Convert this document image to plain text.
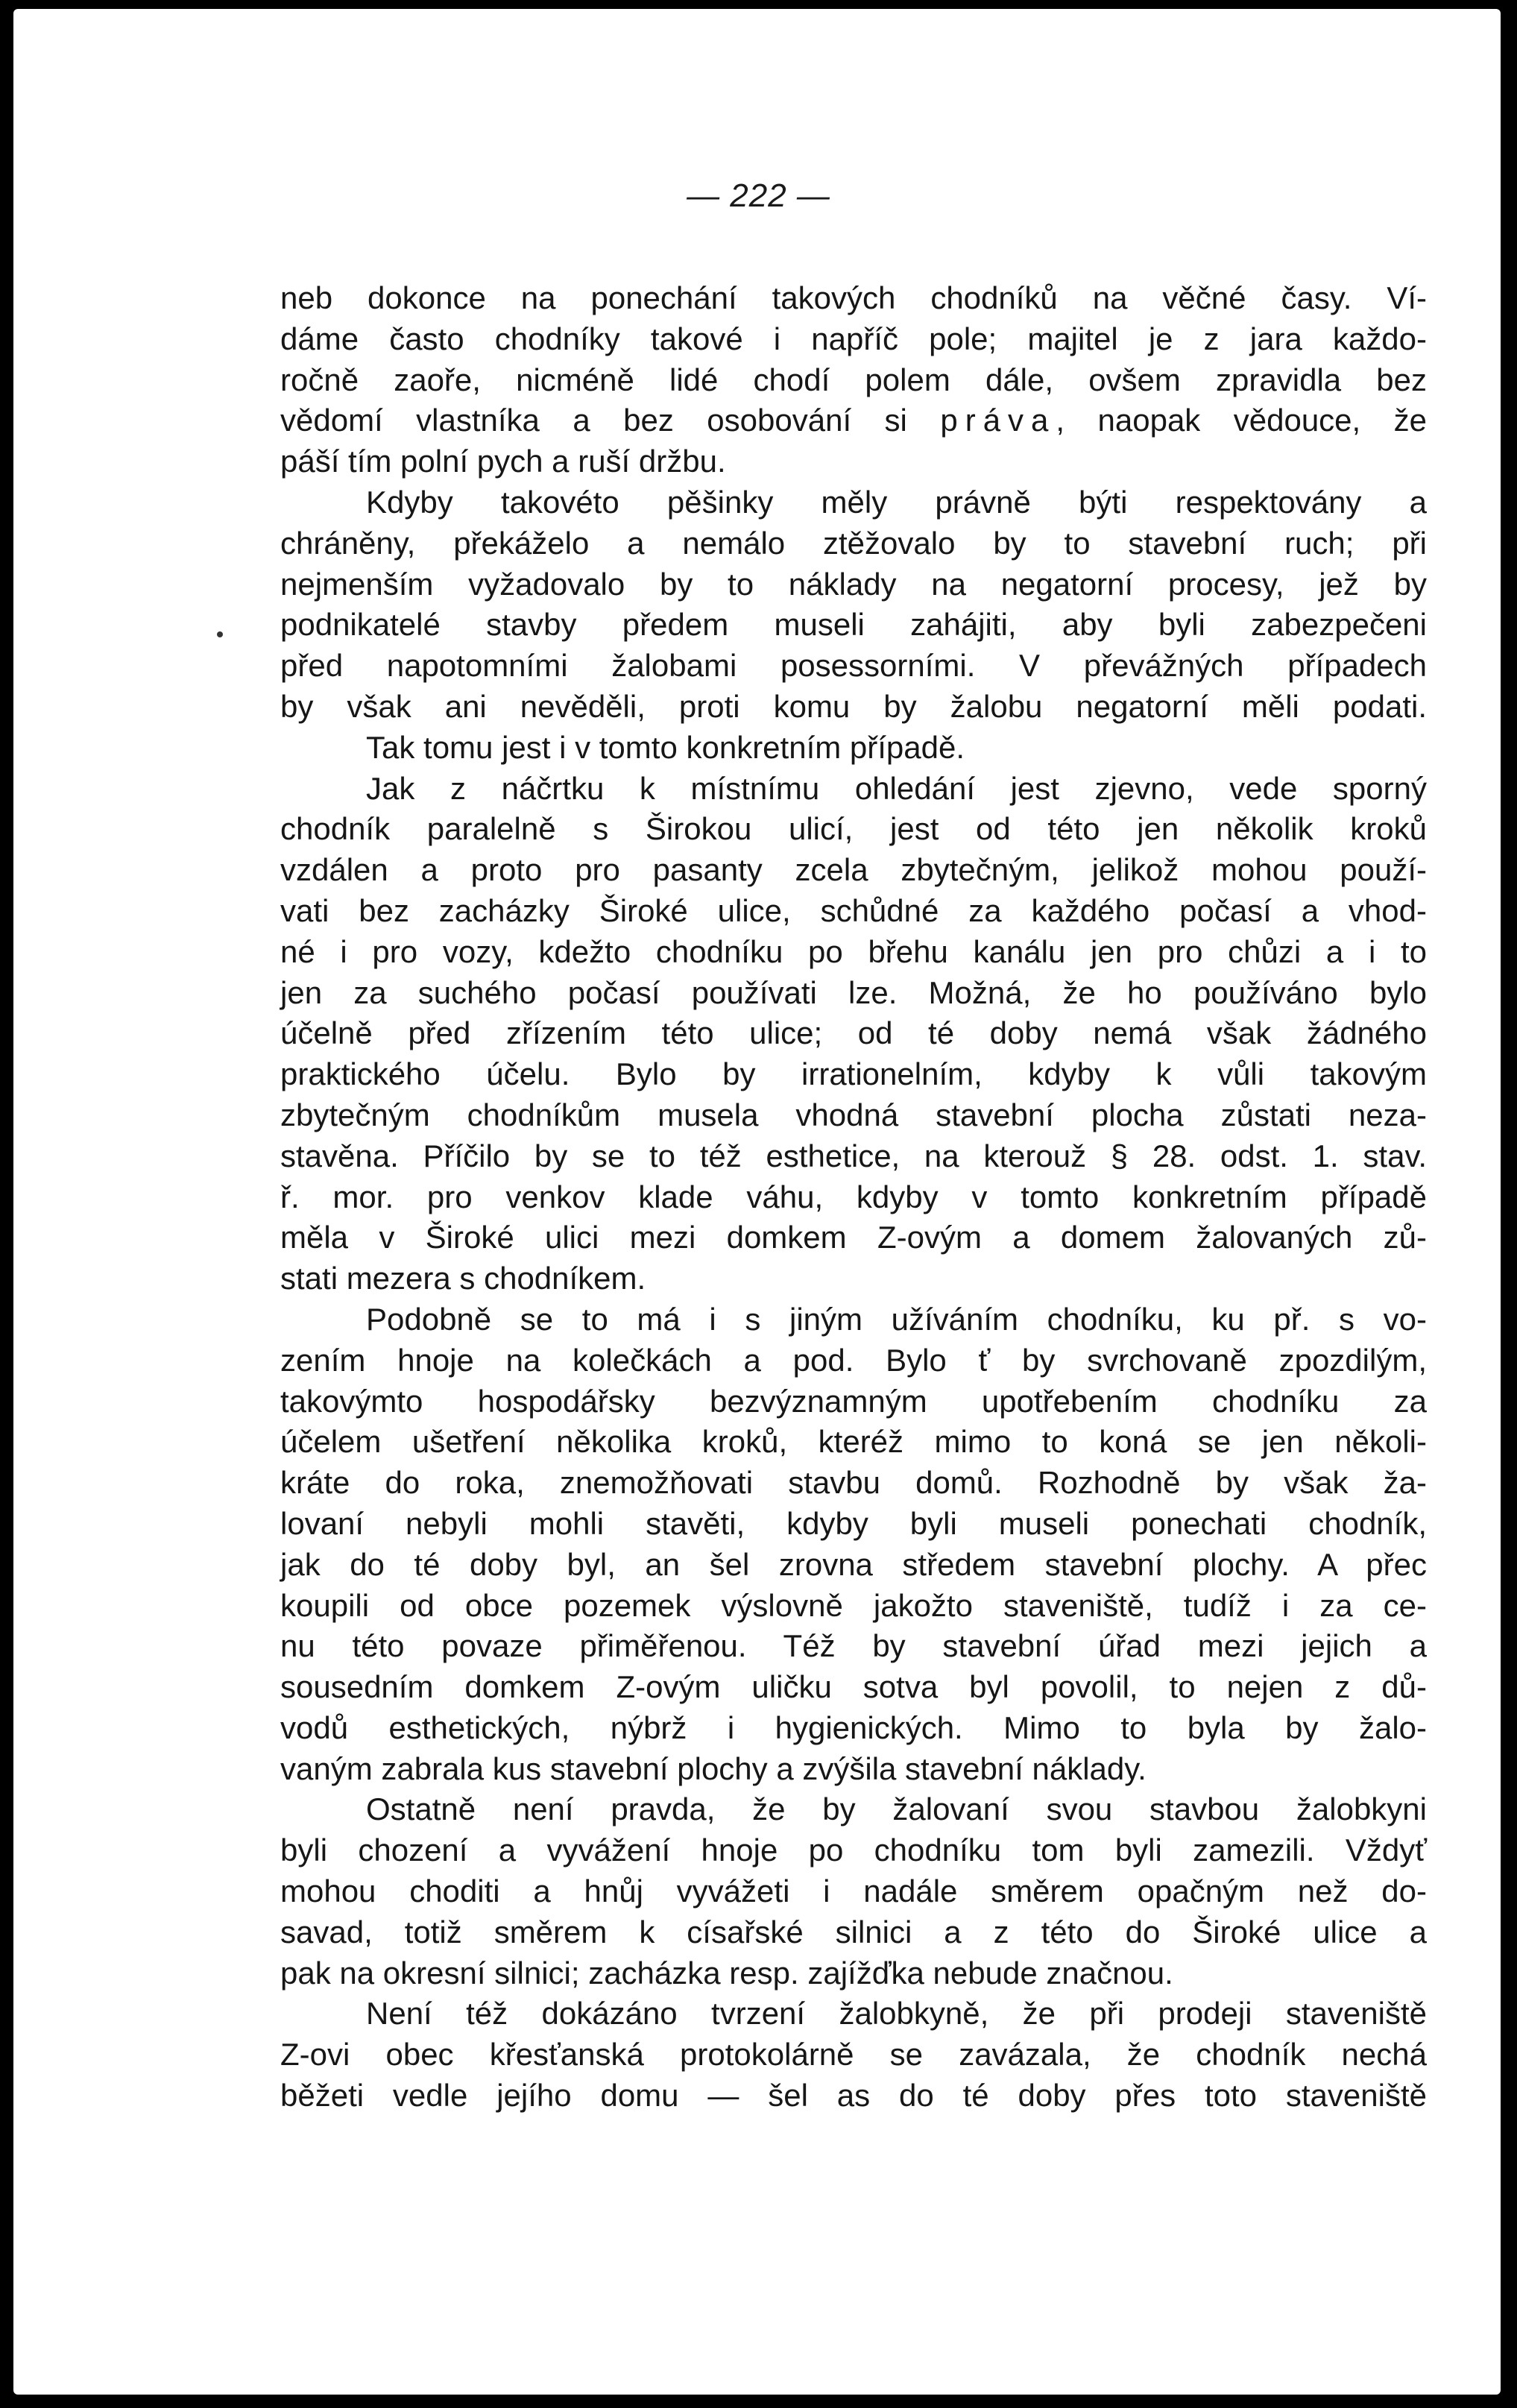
— 222 —
neb dokonce na ponechání takových chodníků na věčné časy. Ví-
dáme často chodníky takové i napříč pole; majitel je z jara každo-
ročně zaoře, nicméně lidé chodí polem dále, ovšem zpravidla bez
vědomí vlastníka a bez osobování si práva, naopak vědouce, že
páší tím polní pych a ruší držbu.
Kdyby takovéto pěšinky měly právně býti respektovány a
chráněny, překáželo a nemálo ztěžovalo by to stavební ruch; při
nejmenším vyžadovalo by to náklady na negatorní procesy, jež by
podnikatelé stavby předem museli zahájiti, aby byli zabezpečeni
před napotomními žalobami posessorními. V převážných případech
by však ani nevěděli, proti komu by žalobu negatorní měli podati.
Tak tomu jest i v tomto konkretním případě.
Jak z náčrtku k místnímu ohledání jest zjevno, vede sporný
chodník paralelně s Širokou ulicí, jest od této jen několik kroků
vzdálen a proto pro pasanty zcela zbytečným, jelikož mohou použí-
vati bez zacházky Široké ulice, schůdné za každého počasí a vhod-
né i pro vozy, kdežto chodníku po břehu kanálu jen pro chůzi a i to
jen za suchého počasí používati lze. Možná, že ho používáno bylo
účelně před zřízením této ulice; od té doby nemá však žádného
praktického účelu. Bylo by irrationelním, kdyby k vůli takovým
zbytečným chodníkům musela vhodná stavební plocha zůstati neza-
stavěna. Příčilo by se to též esthetice, na kterouž § 28. odst. 1. stav.
ř. mor. pro venkov klade váhu, kdyby v tomto konkretním případě
měla v Široké ulici mezi domkem Z-ovým a domem žalovaných zů-
stati mezera s chodníkem.
Podobně se to má i s jiným užíváním chodníku, ku př. s vo-
zením hnoje na kolečkách a pod. Bylo ť by svrchovaně zpozdilým,
takovýmto hospodářsky bezvýznamným upotřebením chodníku za
účelem ušetření několika kroků, kteréž mimo to koná se jen několi-
kráte do roka, znemožňovati stavbu domů. Rozhodně by však ža-
lovaní nebyli mohli stavěti, kdyby byli museli ponechati chodník,
jak do té doby byl, an šel zrovna středem stavební plochy. A přec
koupili od obce pozemek výslovně jakožto staveniště, tudíž i za ce-
nu této povaze přiměřenou. Též by stavební úřad mezi jejich a
sousedním domkem Z-ovým uličku sotva byl povolil, to nejen z dů-
vodů esthetických, nýbrž i hygienických. Mimo to byla by žalo-
vaným zabrala kus stavební plochy a zvýšila stavební náklady.
Ostatně není pravda, že by žalovaní svou stavbou žalobkyni
byli chození a vyvážení hnoje po chodníku tom byli zamezili. Vždyť
mohou choditi a hnůj vyvážeti i nadále směrem opačným než do-
savad, totiž směrem k císařské silnici a z této do Široké ulice a
pak na okresní silnici; zacházka resp. zajížďka nebude značnou.
Není též dokázáno tvrzení žalobkyně, že při prodeji staveniště
Z-ovi obec křesťanská protokolárně se zavázala, že chodník nechá
běžeti vedle jejího domu — šel as do té doby přes toto staveniště
